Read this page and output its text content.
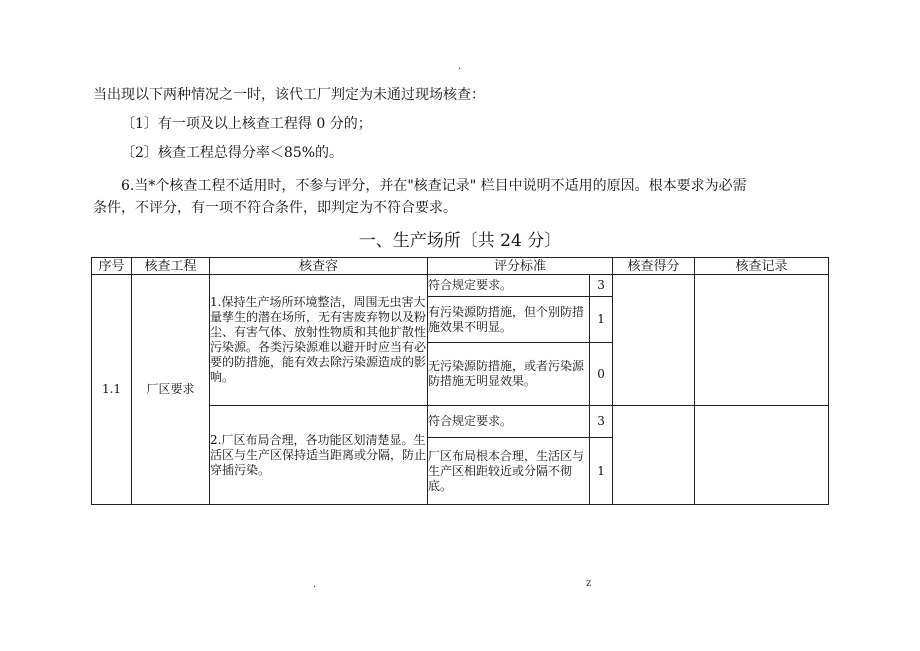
.
当出现以下两种情况之一时，该代工厂判定为未通过现场核查：
〔1〕有一项及以上核查工程得 0 分的；
〔2〕核查工程总得分率＜85%的。
6.当*个核查工程不适用时，不参与评分，并在"核查记录" 栏目中说明不适用的原因。根本要求为必需
条件，不评分，有一项不符合条件，即判定为不符合要求。
一、生产场所〔共 24 分〕
序号	核查工程	核查容	评分标准		核查得分	核查记录
1.1	厂区要求	1.保持生产场所环境整洁，周围无虫害大量孳生的潜在场所，无有害废弃物以及粉尘、有害气体、放射性物质和其他扩散性污染源。各类污染源难以避开时应当有必要的防措施，能有效去除污染源造成的影响。	符合规定要求。	3		
			有污染源防措施，但个别防措施效果不明显。	1		
			无污染源防措施，或者污染源防措施无明显效果。	0		
		2.厂区布局合理，各功能区划清楚显。生活区与生产区保持适当距离或分隔，防止穿插污染。	符合规定要求。	3		
			厂区布局根本合理，生活区与生产区相距较近或分隔不彻底。	1		
.	z
